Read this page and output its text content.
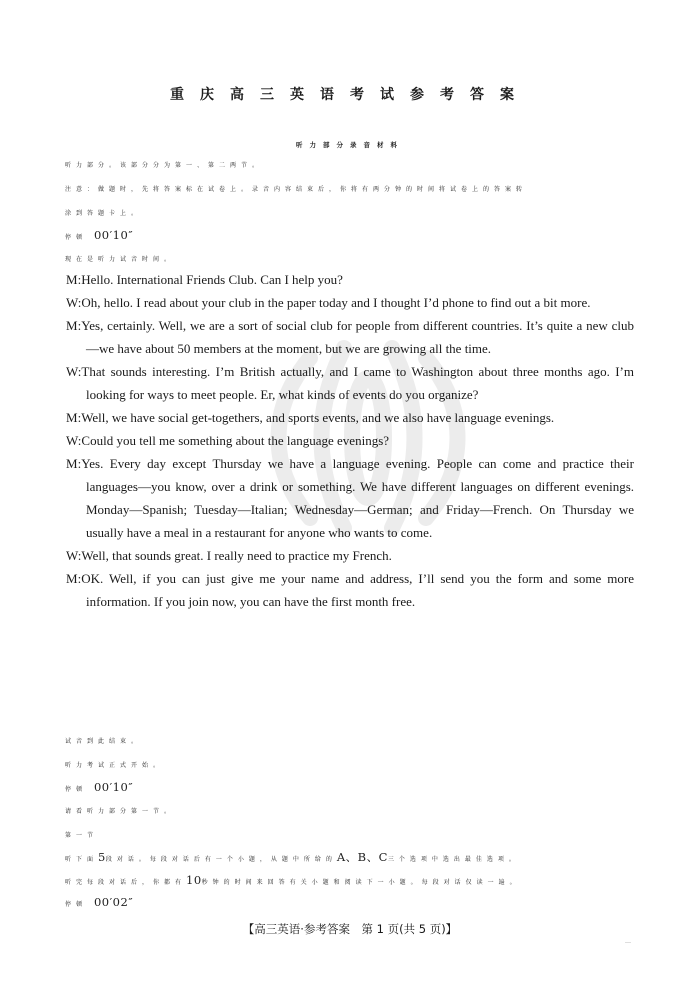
重庆高三英语考试参考答案
听力部分录音材料
听力部分。该部分分为第一、第二两节。
注意：做题时，先将答案标在试卷上。录音内容结束后，你将有两分钟的时间将试卷上的答案转
涂到答题卡上。
停顿 00′10″
现在是听力试音时间。

M:Hello. International Friends Club. Can I help you?

W:Oh, hello. I read about your club in the paper today and I thought I’d phone to find out a bit more.

M:Yes, certainly. Well, we are a sort of social club for people from different countries. It’s quite a new club—we have about 50 members at the moment, but we are growing all the time.

W:That sounds interesting. I’m British actually, and I came to Washington about three months ago. I’m looking for ways to meet people. Er, what kinds of events do you organize?

M:Well, we have social get-togethers, and sports events, and we also have language evenings.

W:Could you tell me something about the language evenings?

M:Yes. Every day except Thursday we have a language evening. People can come and practice their languages—you know, over a drink or something. We have different languages on different evenings. Monday—Spanish; Tuesday—Italian; Wednesday—German; and Friday—French. On Thursday we usually have a meal in a restaurant for anyone who wants to come.

W:Well, that sounds great. I really need to practice my French.

M:OK. Well, if you can just give me your name and address, I’ll send you the form and some more information. If you join now, you can have the first month free.

试音到此结束。
听力考试正式开始。
停顿 00′10″
请看听力部分第一节。
第一节
听下面5段对话。每段对话后有一个小题，从题中所给的A、B、C三个选项中选出最佳选项。
听完每段对话后，你都有10秒钟的时间来回答有关小题和阅读下一小题。每段对话仅读一遍。
停顿 00′02″
【高三英语·参考答案　第 1 页(共 5 页)】
…
